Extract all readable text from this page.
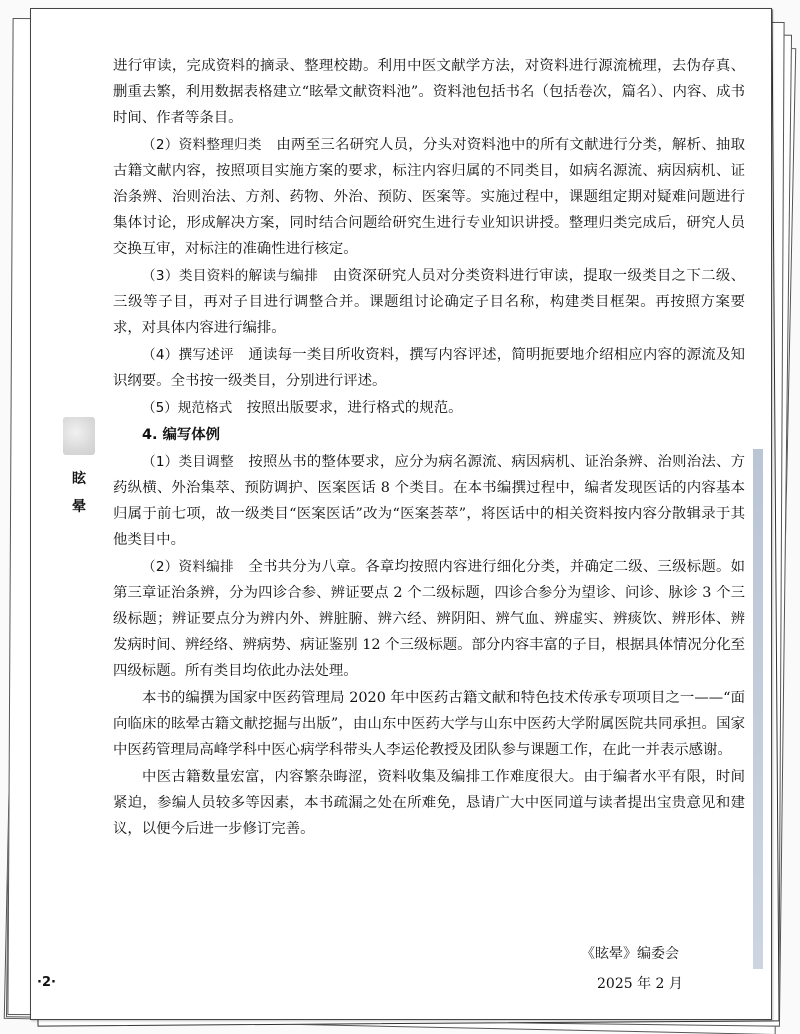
眩
晕

进行审读，完成资料的摘录、整理校勘。利用中医文献学方法，对资料进行源流梳理，去伪存真、删重去繁，利用数据表格建立“眩晕文献资料池”。资料池包括书名（包括卷次，篇名）、内容、成书时间、作者等条目。

（2）资料整理归类　 由两至三名研究人员，分头对资料池中的所有文献进行分类，解析、抽取古籍文献内容，按照项目实施方案的要求，标注内容归属的不同类目，如病名源流、病因病机、证治条辨、治则治法、方剂、药物、外治、预防、医案等。实施过程中，课题组定期对疑难问题进行集体讨论，形成解决方案，同时结合问题给研究生进行专业知识讲授。整理归类完成后，研究人员交换互审，对标注的准确性进行核定。

（3）类目资料的解读与编排　 由资深研究人员对分类资料进行审读，提取一级类目之下二级、三级等子目，再对子目进行调整合并。课题组讨论确定子目名称，构建类目框架。再按照方案要求，对具体内容进行编排。

（4）撰写述评　 通读每一类目所收资料，撰写内容评述，简明扼要地介绍相应内容的源流及知识纲要。全书按一级类目，分别进行评述。

（5）规范格式　 按照出版要求，进行格式的规范。

4. 编写体例

（1）类目调整　 按照丛书的整体要求，应分为病名源流、病因病机、证治条辨、治则治法、方药纵横、外治集萃、预防调护、医案医话 8 个类目。在本书编撰过程中，编者发现医话的内容基本归属于前七项，故一级类目“医案医话”改为“医案荟萃”，将医话中的相关资料按内容分散辑录于其他类目中。

（2）资料编排　 全书共分为八章。各章均按照内容进行细化分类，并确定二级、三级标题。如第三章证治条辨，分为四诊合参、辨证要点 2 个二级标题，四诊合参分为望诊、问诊、脉诊 3 个三级标题；辨证要点分为辨内外、辨脏腑、辨六经、辨阴阳、辨气血、辨虚实、辨痰饮、辨形体、辨发病时间、辨经络、辨病势、病证鉴别 12 个三级标题。部分内容丰富的子目，根据具体情况分化至四级标题。所有类目均依此办法处理。

本书的编撰为国家中医药管理局 2020 年中医药古籍文献和特色技术传承专项项目之一——“面向临床的眩晕古籍文献挖掘与出版”，由山东中医药大学与山东中医药大学附属医院共同承担。国家中医药管理局高峰学科中医心病学科带头人李运伦教授及团队参与课题工作，在此一并表示感谢。

中医古籍数量宏富，内容繁杂晦涩，资料收集及编排工作难度很大。由于编者水平有限，时间紧迫，参编人员较多等因素，本书疏漏之处在所难免，恳请广大中医同道与读者提出宝贵意见和建议，以便今后进一步修订完善。

《眩晕》编委会
2025 年 2 月
·2·
